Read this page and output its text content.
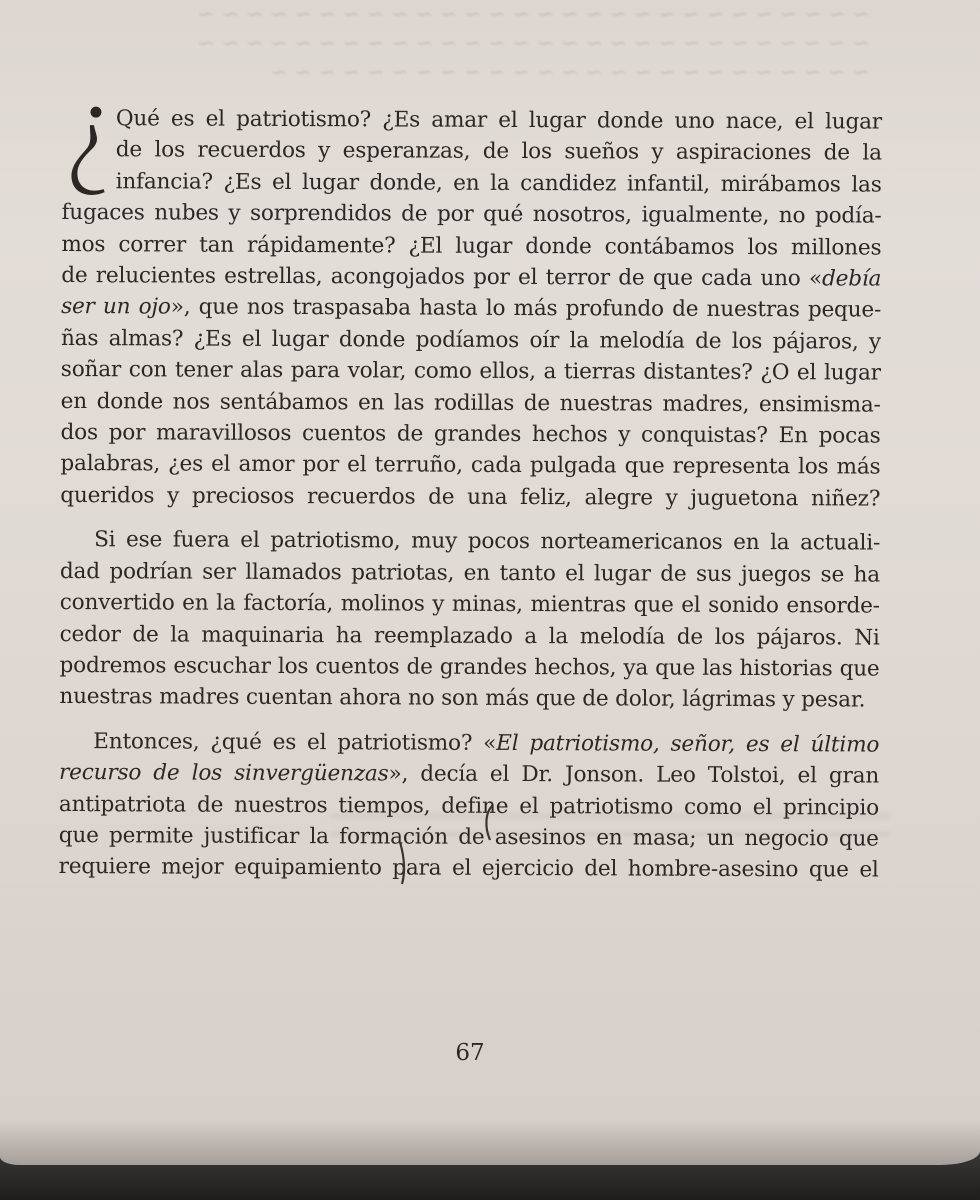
~ ~ ~ ~ ~ ~ ~ ~ ~ ~ ~ ~ ~ ~ ~ ~ ~ ~ ~ ~ ~ ~ ~ ~ ~ ~ ~ ~
~ ~ ~ ~ ~ ~ ~ ~ ~ ~ ~ ~ ~ ~ ~ ~ ~ ~ ~ ~ ~ ~ ~ ~ ~ ~ ~ ~
~ ~ ~ ~ ~ ~ ~ ~ ~ ~ ~ ~ ~ ~ ~ ~ ~ ~ ~ ~ ~ ~ ~ ~ ~
Qué es el patriotismo? ¿Es amar el lugar donde uno nace, el lugar
de los recuerdos y esperanzas, de los sueños y aspiraciones de la
infancia? ¿Es el lugar donde, en la candidez infantil, mirábamos las
fugaces nubes y sorprendidos de por qué nosotros, igualmente, no podía-
mos correr tan rápidamente? ¿El lugar donde contábamos los millones
de relucientes estrellas, acongojados por el terror de que cada uno «debía
ser un ojo», que nos traspasaba hasta lo más profundo de nuestras peque-
ñas almas? ¿Es el lugar donde podíamos oír la melodía de los pájaros, y
soñar con tener alas para volar, como ellos, a tierras distantes? ¿O el lugar
en donde nos sentábamos en las rodillas de nuestras madres, ensimisma-
dos por maravillosos cuentos de grandes hechos y conquistas? En pocas
palabras, ¿es el amor por el terruño, cada pulgada que representa los más
queridos y preciosos recuerdos de una feliz, alegre y juguetona niñez?
Si ese fuera el patriotismo, muy pocos norteamericanos en la actuali-
dad podrían ser llamados patriotas, en tanto el lugar de sus juegos se ha
convertido en la factoría, molinos y minas, mientras que el sonido ensorde-
cedor de la maquinaria ha reemplazado a la melodía de los pájaros. Ni
podremos escuchar los cuentos de grandes hechos, ya que las historias que
nuestras madres cuentan ahora no son más que de dolor, lágrimas y pesar.
Entonces, ¿qué es el patriotismo? «El patriotismo, señor, es el último
recurso de los sinvergüenzas», decía el Dr. Jonson. Leo Tolstoi, el gran
antipatriota de nuestros tiempos, define el patriotismo como el principio
que permite justificar la formación de asesinos en masa; un negocio que
requiere mejor equipamiento para el ejercicio del hombre-asesino que el
67
